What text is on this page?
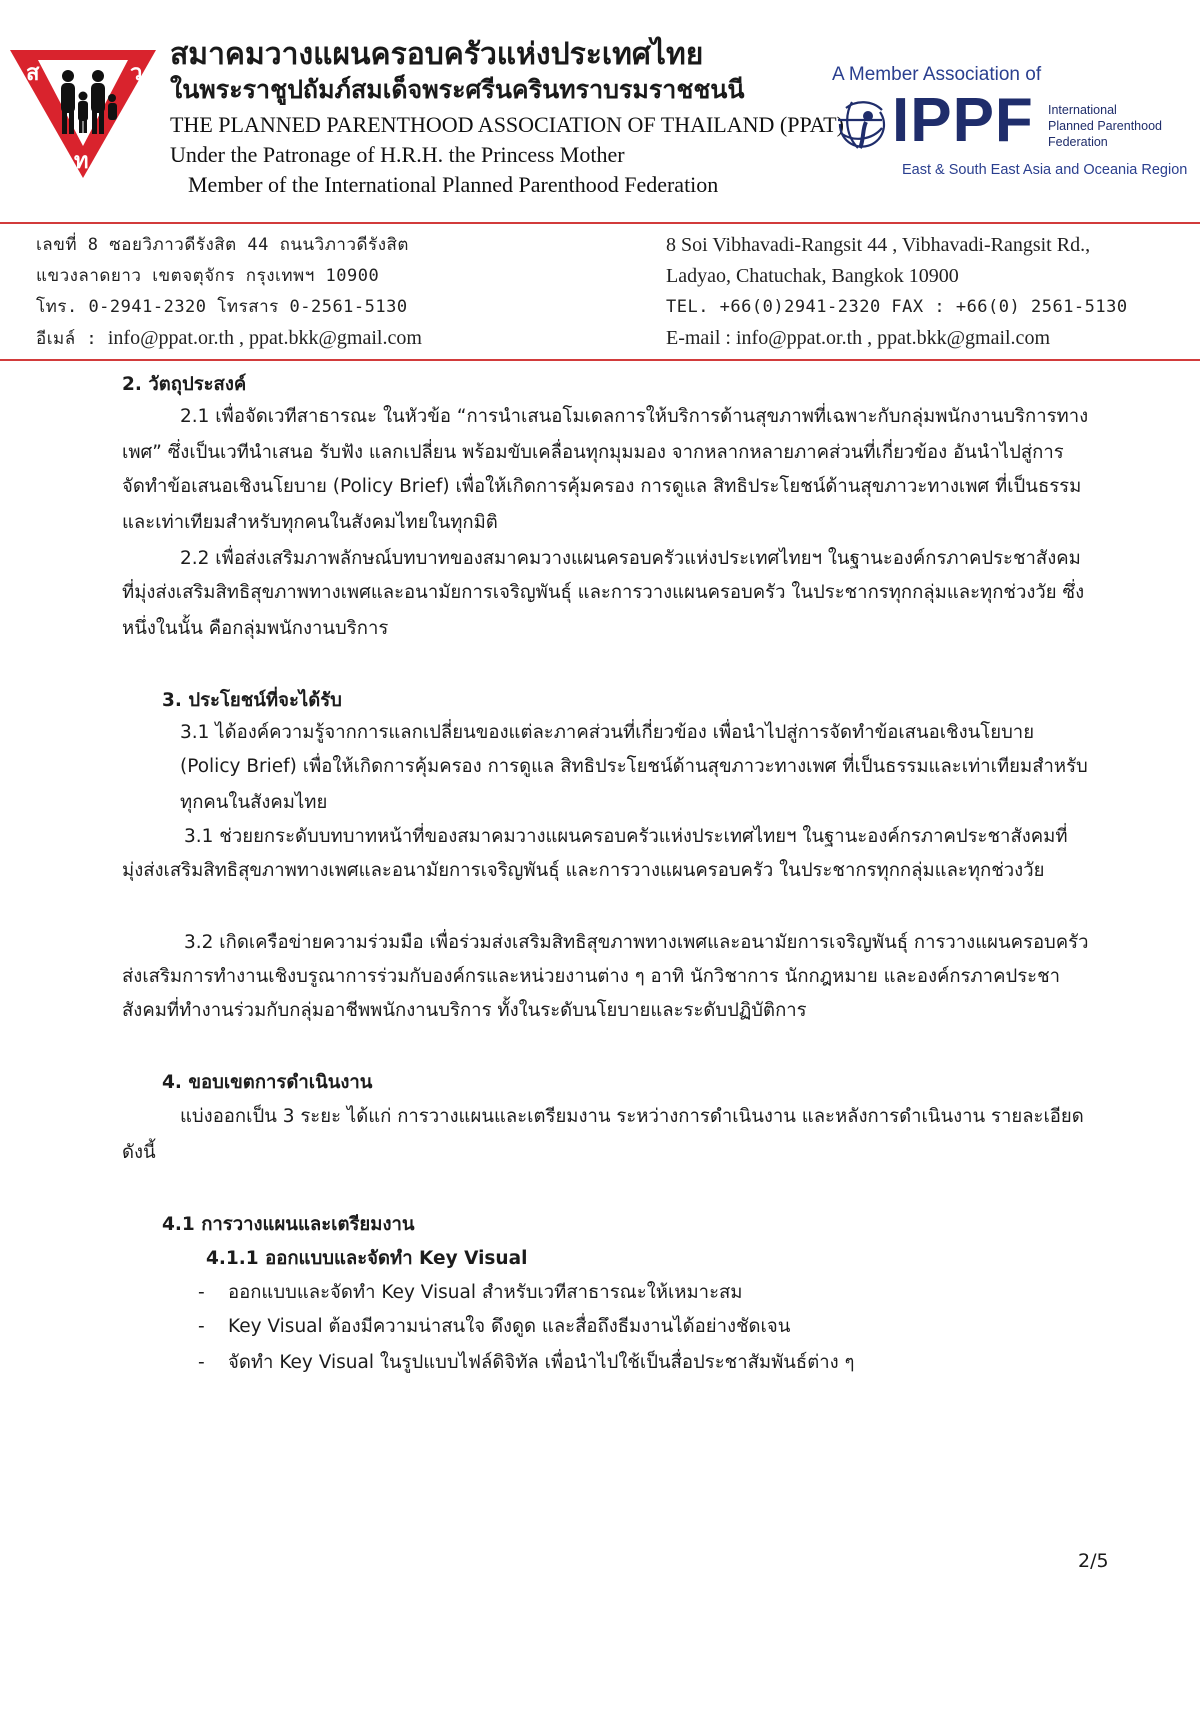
ส	ว
ท
สมาคมวางแผนครอบครัวแห่งประเทศไทย
ในพระราชูปถัมภ์สมเด็จพระศรีนครินทราบรมราชชนนี
THE PLANNED PARENTHOOD ASSOCIATION OF THAILAND (PPAT)
Under the Patronage of H.R.H. the Princess Mother
Member of the International Planned Parenthood Federation
A Member Association of
IPPF International
Planned Parenthood
Federation
East & South East Asia and Oceania Region
เลขที่ 8 ซอยวิภาวดีรังสิต 44 ถนนวิภาวดีรังสิต
แขวงลาดยาว เขตจตุจักร กรุงเทพฯ 10900
โทร. 0-2941-2320 โทรสาร 0-2561-5130
อีเมล์ : info@ppat.or.th , ppat.bkk@gmail.com
8 Soi Vibhavadi-Rangsit 44 , Vibhavadi-Rangsit Rd.,
Ladyao, Chatuchak, Bangkok 10900
TEL. +66(0)2941-2320 FAX : +66(0) 2561-5130
E-mail : info@ppat.or.th , ppat.bkk@gmail.com
2. วัตถุประสงค์
2.1 เพื่อจัดเวทีสาธารณะ ในหัวข้อ “การนำเสนอโมเดลการให้บริการด้านสุขภาพที่เฉพาะกับกลุ่มพนักงานบริการทาง
เพศ” ซึ่งเป็นเวทีนำเสนอ รับฟัง แลกเปลี่ยน พร้อมขับเคลื่อนทุกมุมมอง จากหลากหลายภาคส่วนที่เกี่ยวข้อง อันนำไปสู่การ
จัดทำข้อเสนอเชิงนโยบาย (Policy Brief) เพื่อให้เกิดการคุ้มครอง การดูแล สิทธิประโยชน์ด้านสุขภาวะทางเพศ ที่เป็นธรรม
และเท่าเทียมสำหรับทุกคนในสังคมไทยในทุกมิติ
2.2 เพื่อส่งเสริมภาพลักษณ์บทบาทของสมาคมวางแผนครอบครัวแห่งประเทศไทยฯ ในฐานะองค์กรภาคประชาสังคม
ที่มุ่งส่งเสริมสิทธิสุขภาพทางเพศและอนามัยการเจริญพันธุ์ และการวางแผนครอบครัว ในประชากรทุกกลุ่มและทุกช่วงวัย ซึ่ง
หนึ่งในนั้น คือกลุ่มพนักงานบริการ
3. ประโยชน์ที่จะได้รับ
3.1 ได้องค์ความรู้จากการแลกเปลี่ยนของแต่ละภาคส่วนที่เกี่ยวข้อง เพื่อนำไปสู่การจัดทำข้อเสนอเชิงนโยบาย
(Policy Brief) เพื่อให้เกิดการคุ้มครอง การดูแล สิทธิประโยชน์ด้านสุขภาวะทางเพศ ที่เป็นธรรมและเท่าเทียมสำหรับ
ทุกคนในสังคมไทย
3.1 ช่วยยกระดับบทบาทหน้าที่ของสมาคมวางแผนครอบครัวแห่งประเทศไทยฯ ในฐานะองค์กรภาคประชาสังคมที่
มุ่งส่งเสริมสิทธิสุขภาพทางเพศและอนามัยการเจริญพันธุ์ และการวางแผนครอบครัว ในประชากรทุกกลุ่มและทุกช่วงวัย
3.2 เกิดเครือข่ายความร่วมมือ เพื่อร่วมส่งเสริมสิทธิสุขภาพทางเพศและอนามัยการเจริญพันธุ์ การวางแผนครอบครัว
ส่งเสริมการทำงานเชิงบรูณาการร่วมกับองค์กรและหน่วยงานต่าง ๆ อาทิ นักวิชาการ นักกฎหมาย และองค์กรภาคประชา
สังคมที่ทำงานร่วมกับกลุ่มอาชีพพนักงานบริการ ทั้งในระดับนโยบายและระดับปฏิบัติการ
4. ขอบเขตการดำเนินงาน
แบ่งออกเป็น 3 ระยะ ได้แก่ การวางแผนและเตรียมงาน ระหว่างการดำเนินงาน และหลังการดำเนินงาน รายละเอียด
ดังนี้
4.1 การวางแผนและเตรียมงาน
4.1.1 ออกแบบและจัดทำ Key Visual
- ออกแบบและจัดทำ Key Visual สำหรับเวทีสาธารณะให้เหมาะสม
- Key Visual ต้องมีความน่าสนใจ ดึงดูด และสื่อถึงธีมงานได้อย่างชัดเจน
- จัดทำ Key Visual ในรูปแบบไฟล์ดิจิทัล เพื่อนำไปใช้เป็นสื่อประชาสัมพันธ์ต่าง ๆ
2/5
